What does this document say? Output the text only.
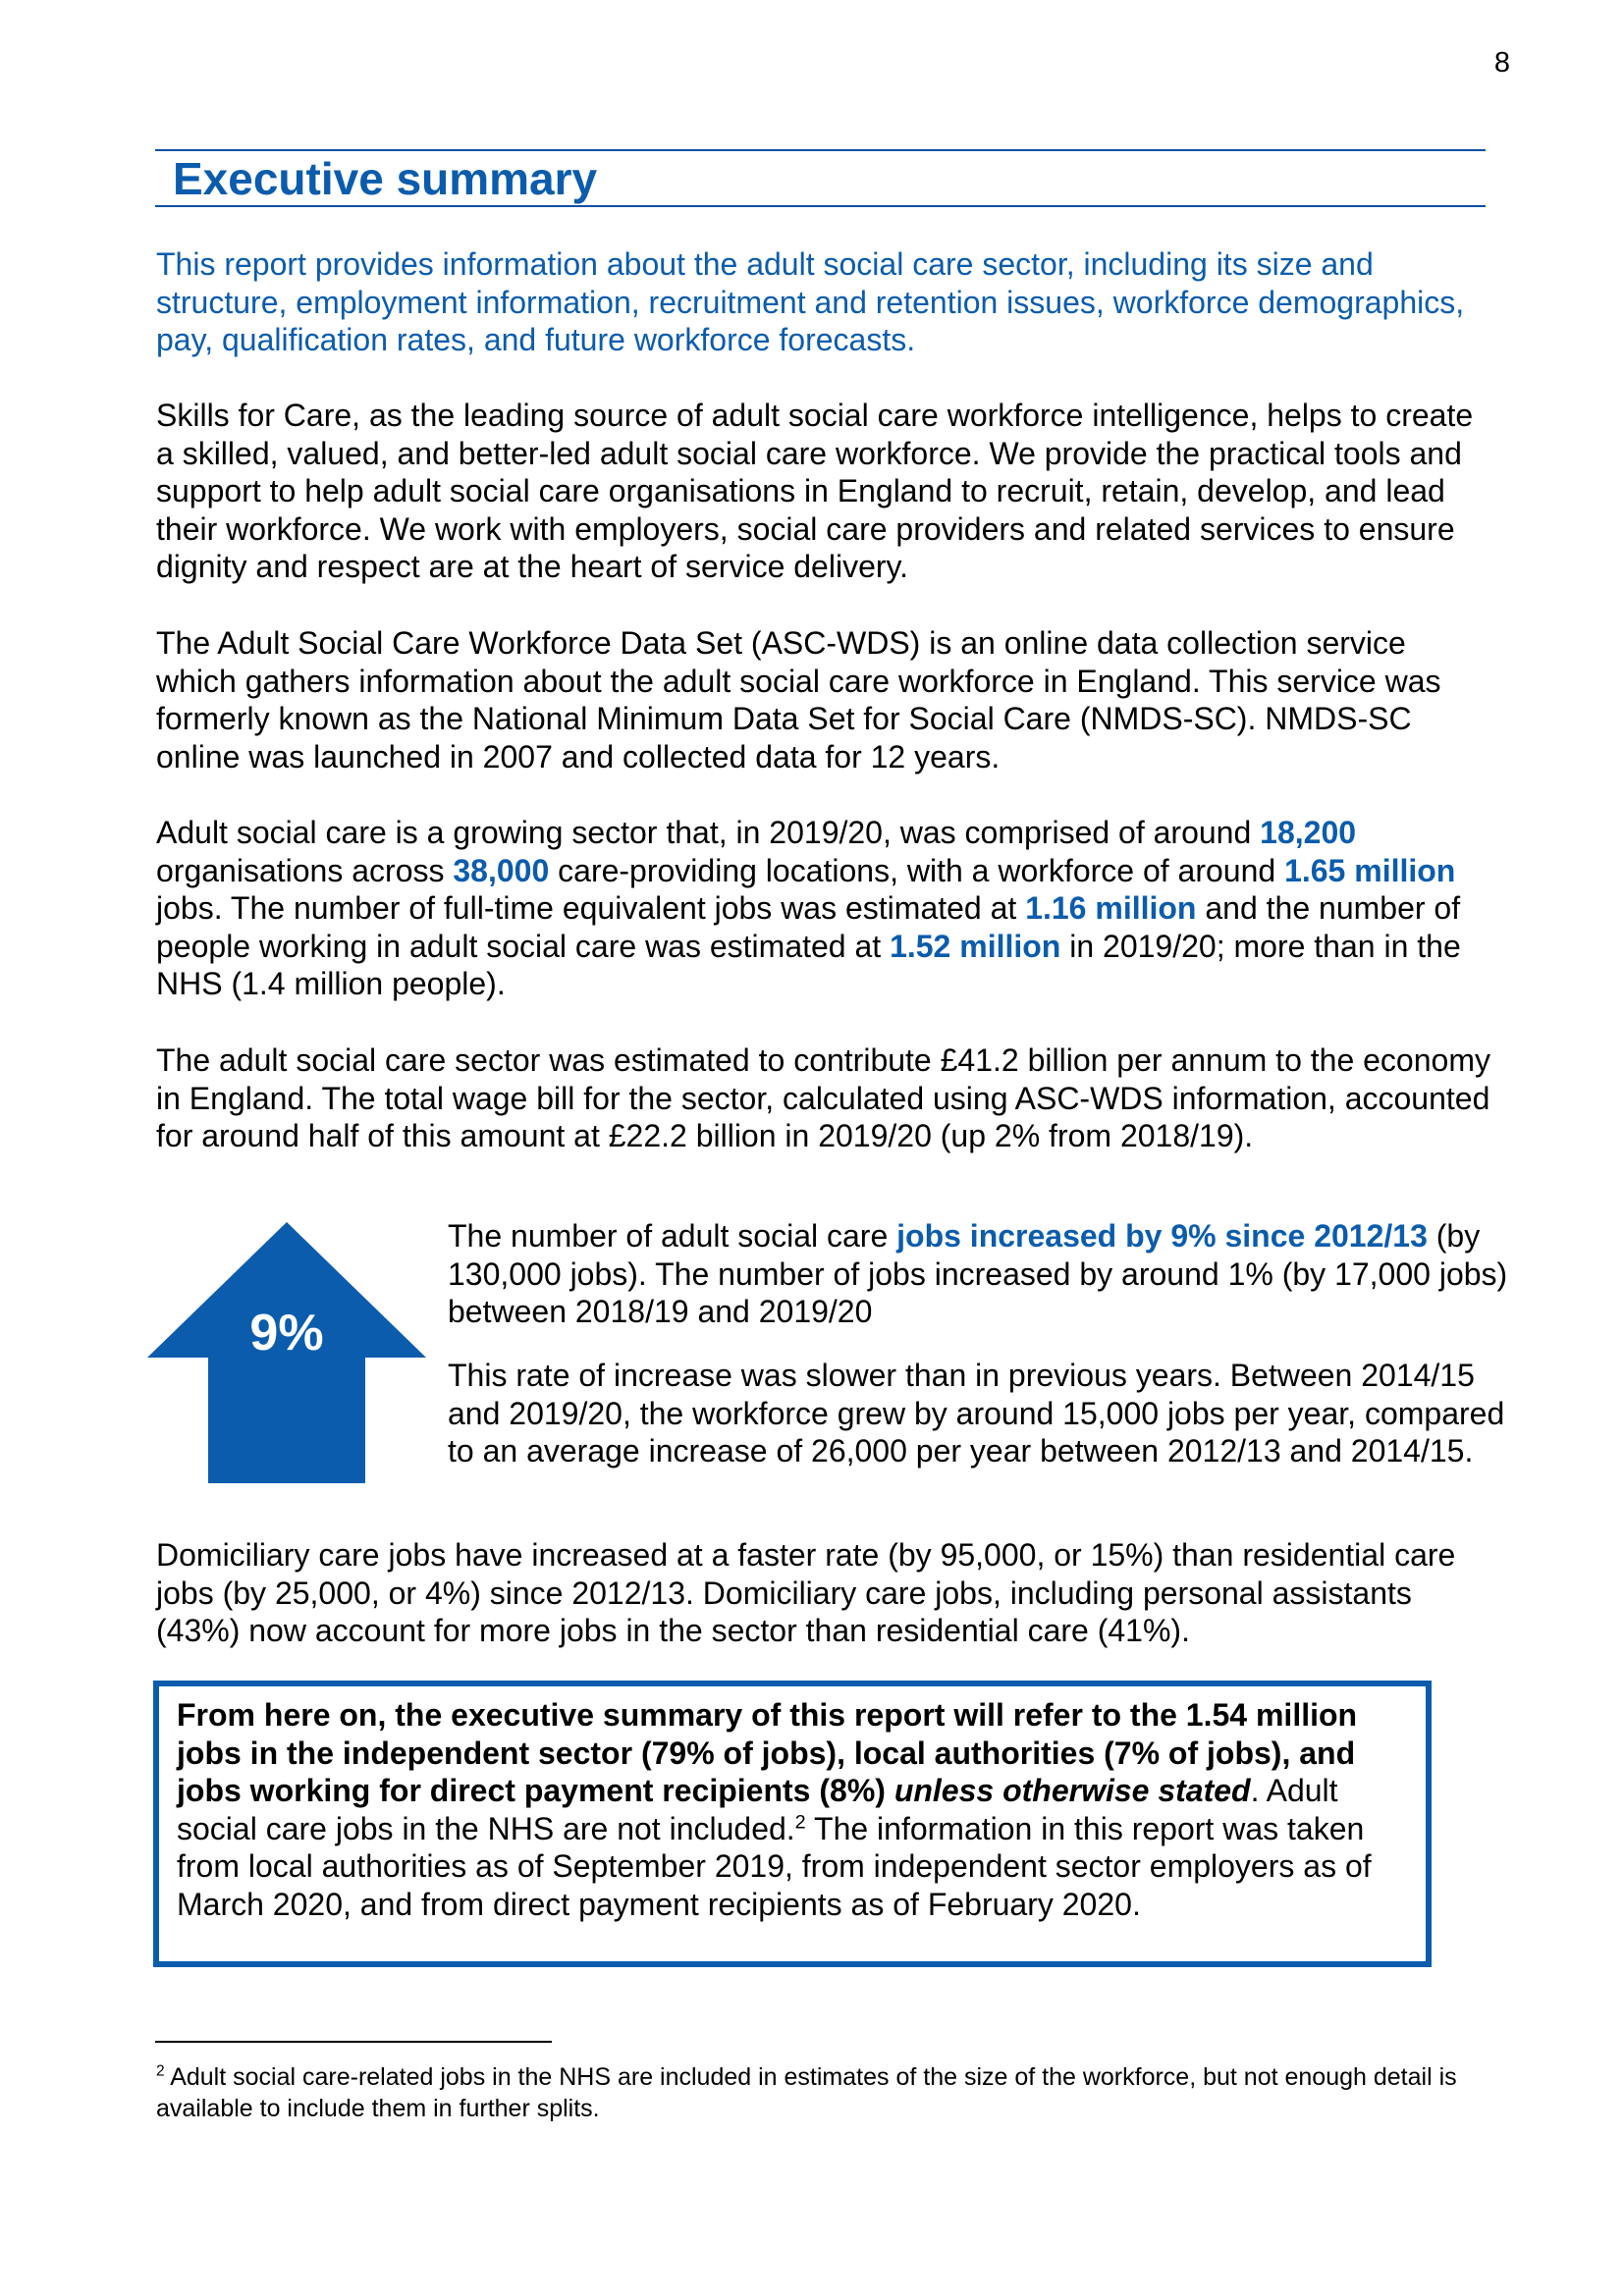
8
Executive summary

This report provides information about the adult social care sector, including its size and structure, employment information, recruitment and retention issues, workforce demographics, pay, qualification rates, and future workforce forecasts.

Skills for Care, as the leading source of adult social care workforce intelligence, helps to create a skilled, valued, and better-led adult social care workforce. We provide the practical tools and support to help adult social care organisations in England to recruit, retain, develop, and lead their workforce. We work with employers, social care providers and related services to ensure dignity and respect are at the heart of service delivery.

The Adult Social Care Workforce Data Set (ASC-WDS) is an online data collection service which gathers information about the adult social care workforce in England. This service was formerly known as the National Minimum Data Set for Social Care (NMDS-SC). NMDS-SC online was launched in 2007 and collected data for 12 years.

Adult social care is a growing sector that, in 2019/20, was comprised of around 18,200 organisations across 38,000 care-providing locations, with a workforce of around 1.65 million jobs. The number of full-time equivalent jobs was estimated at 1.16 million and the number of people working in adult social care was estimated at 1.52 million in 2019/20; more than in the NHS (1.4 million people).

The adult social care sector was estimated to contribute £41.2 billion per annum to the economy in England. The total wage bill for the sector, calculated using ASC-WDS information, accounted for around half of this amount at £22.2 billion in 2019/20 (up 2% from 2018/19).

9%

The number of adult social care jobs increased by 9% since 2012/13 (by 130,000 jobs). The number of jobs increased by around 1% (by 17,000 jobs) between 2018/19 and 2019/20

This rate of increase was slower than in previous years. Between 2014/15 and 2019/20, the workforce grew by around 15,000 jobs per year, compared to an average increase of 26,000 per year between 2012/13 and 2014/15.

Domiciliary care jobs have increased at a faster rate (by 95,000, or 15%) than residential care jobs (by 25,000, or 4%) since 2012/13. Domiciliary care jobs, including personal assistants (43%) now account for more jobs in the sector than residential care (41%).

From here on, the executive summary of this report will refer to the 1.54 million jobs in the independent sector (79% of jobs), local authorities (7% of jobs), and jobs working for direct payment recipients (8%) unless otherwise stated. Adult social care jobs in the NHS are not included.$^2$ The information in this report was taken from local authorities as of September 2019, from independent sector employers as of March 2020, and from direct payment recipients as of February 2020.

$^2$ Adult social care-related jobs in the NHS are included in estimates of the size of the workforce, but not enough detail is available to include them in further splits.
